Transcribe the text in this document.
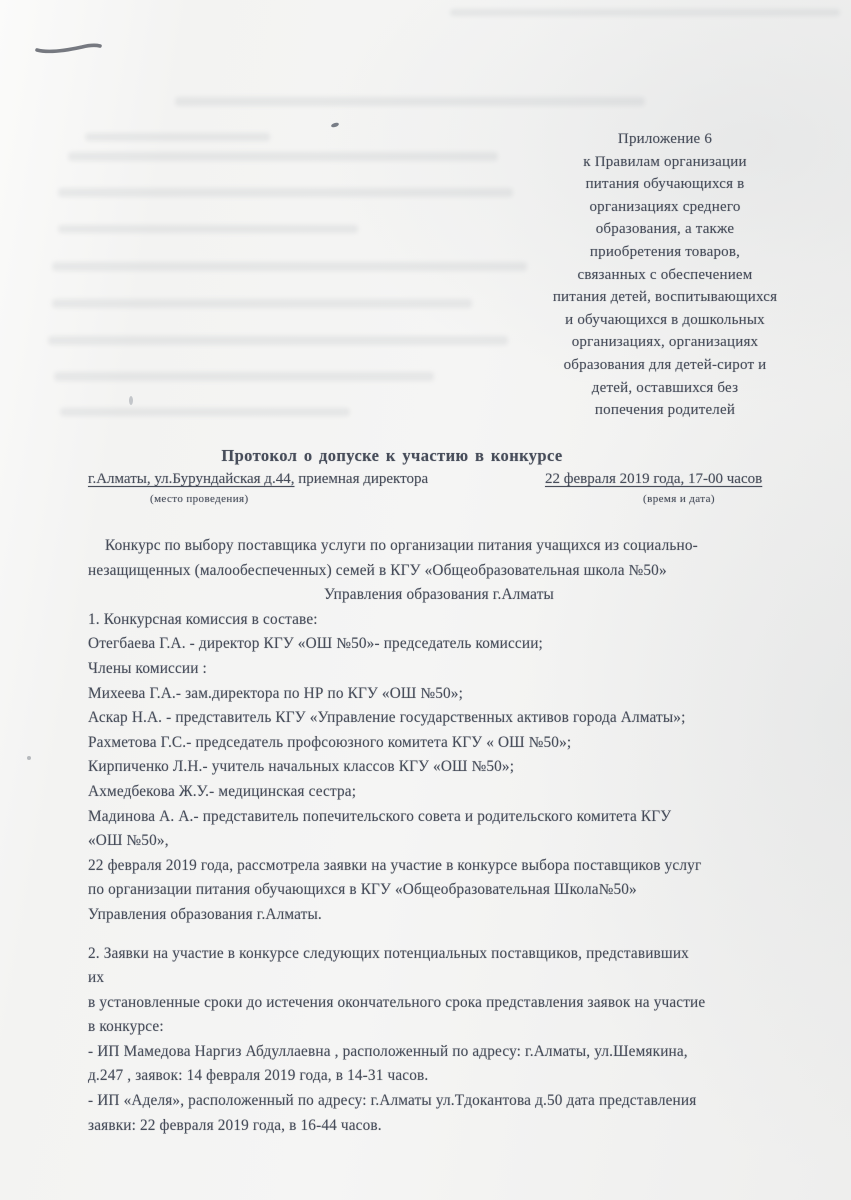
Приложение 6
к Правилам организации
питания обучающихся в
организациях среднего
образования, а также
приобретения товаров,
связанных с обеспечением
питания детей, воспитывающихся
и обучающихся в дошкольных
организациях, организациях
образования для детей-сирот и
детей, оставшихся без
попечения родителей
Протокол о допуске к участию в конкурсе
г.Алматы, ул.Бурундайская д.44, приемная директора
(место проведения)
22 февраля 2019 года, 17-00 часов
(время и дата)
Конкурс по выбору поставщика услуги по организации питания учащихся из социально-
незащищенных (малообеспеченных) семей в КГУ «Общеобразовательная школа №50»
Управления образования г.Алматы
1. Конкурсная комиссия в составе:
Отегбаева Г.А. - директор КГУ «ОШ №50»- председатель комиссии;
Члены комиссии :
Михеева Г.А.- зам.директора по НР по КГУ «ОШ №50»;
Аскар Н.А. - представитель КГУ «Управление государственных активов города Алматы»;
Рахметова Г.С.- председатель профсоюзного комитета КГУ « ОШ №50»;
Кирпиченко Л.Н.- учитель начальных классов КГУ «ОШ №50»;
Ахмедбекова Ж.У.- медицинская сестра;
Мадинова А. А.- представитель попечительского совета и родительского комитета КГУ
«ОШ №50»,
22 февраля 2019 года, рассмотрела заявки на участие в конкурсе выбора поставщиков услуг
по организации питания обучающихся в КГУ «Общеобразовательная Школа№50»
Управления образования г.Алматы.
2. Заявки на участие в конкурсе следующих потенциальных поставщиков, представивших
их
в установленные сроки до истечения окончательного срока представления заявок на участие
в конкурсе:
- ИП Мамедова Наргиз Абдуллаевна , расположенный по адресу: г.Алматы, ул.Шемякина,
д.247 , заявок: 14 февраля 2019 года, в 14-31 часов.
- ИП «Аделя», расположенный по адресу: г.Алматы ул.Тдокантова д.50 дата представления
заявки: 22 февраля 2019 года, в 16-44 часов.
